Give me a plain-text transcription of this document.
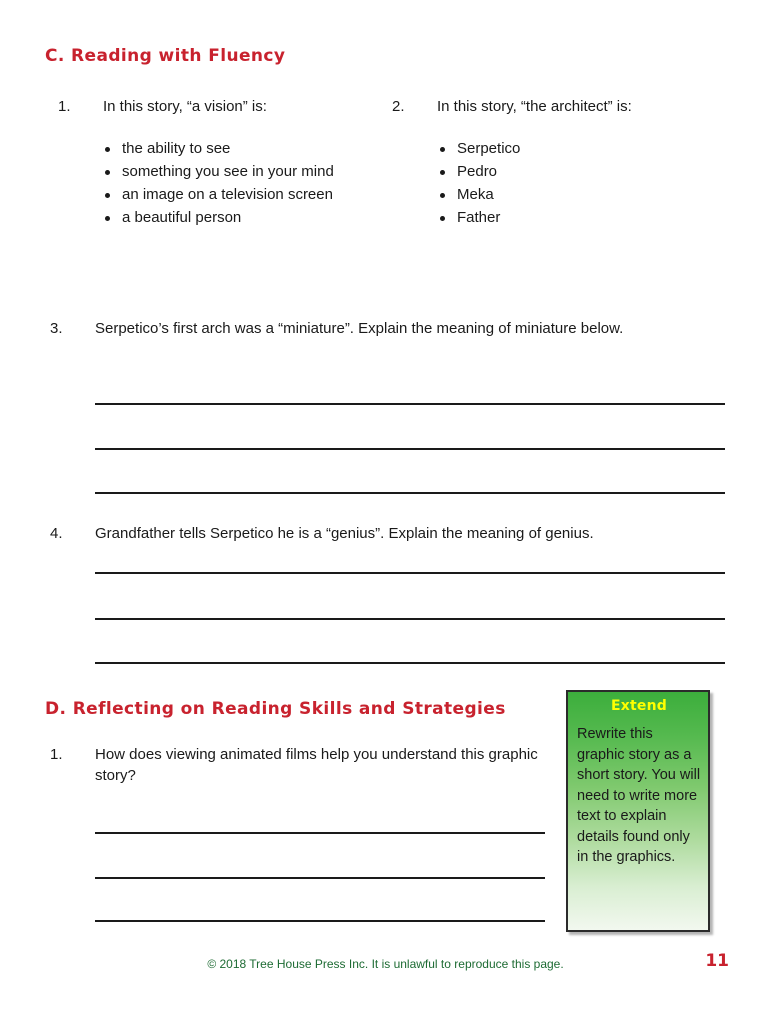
C. Reading with Fluency
1.	In this story, “a vision” is:
the ability to see
something you see in your mind
an image on a television screen
a beautiful person
2.	In this story, “the architect” is:
Serpetico
Pedro
Meka
Father
3.	Serpetico’s first arch was a “miniature”. Explain the meaning of miniature below.
4.	Grandfather tells Serpetico he is a “genius”. Explain the meaning of genius.
D. Reflecting on Reading Skills and Strategies
1.	How does viewing animated films help you understand this graphic story?
Extend
Rewrite this graphic story as a short story. You will need to write more text to explain details found only in the graphics.
© 2018 Tree House Press Inc. It is unlawful to reproduce this page.	11
